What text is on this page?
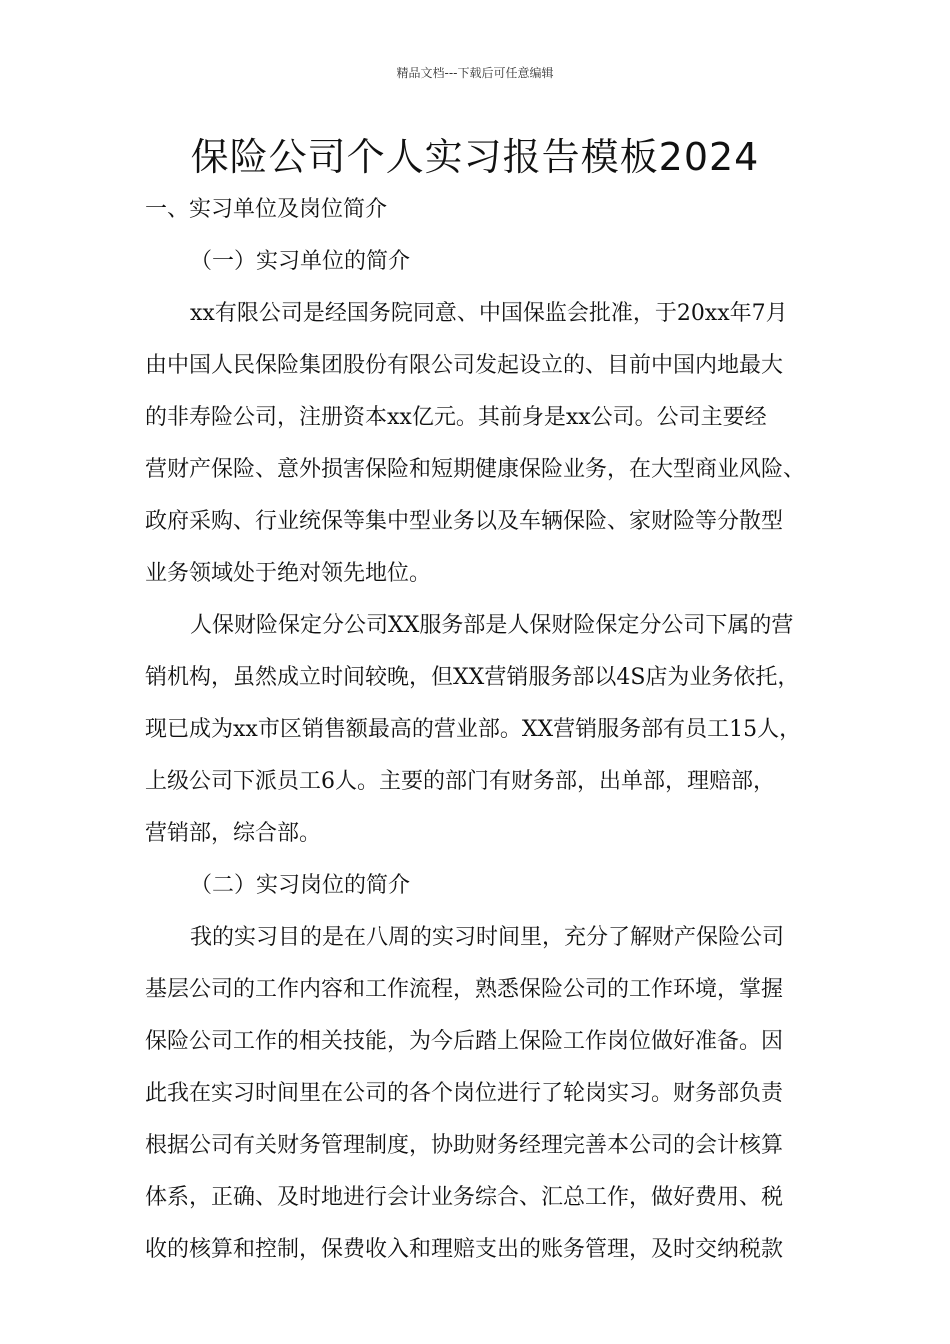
精品文档---下载后可任意编辑
保险公司个人实习报告模板2024
一、实习单位及岗位简介
（一）实习单位的简介
xx有限公司是经国务院同意、中国保监会批准，于20xx年7月
由中国人民保险集团股份有限公司发起设立的、目前中国内地最大
的非寿险公司，注册资本xx亿元。其前身是xx公司。公司主要经
营财产保险、意外损害保险和短期健康保险业务，在大型商业风险、
政府采购、行业统保等集中型业务以及车辆保险、家财险等分散型
业务领域处于绝对领先地位。
人保财险保定分公司XX服务部是人保财险保定分公司下属的营
销机构，虽然成立时间较晚，但XX营销服务部以4S店为业务依托，
现已成为xx市区销售额最高的营业部。XX营销服务部有员工15人，
上级公司下派员工6人。主要的部门有财务部，出单部，理赔部，
营销部，综合部。
（二）实习岗位的简介
我的实习目的是在八周的实习时间里，充分了解财产保险公司
基层公司的工作内容和工作流程，熟悉保险公司的工作环境，掌握
保险公司工作的相关技能，为今后踏上保险工作岗位做好准备。因
此我在实习时间里在公司的各个岗位进行了轮岗实习。财务部负责
根据公司有关财务管理制度，协助财务经理完善本公司的会计核算
体系，正确、及时地进行会计业务综合、汇总工作，做好费用、税
收的核算和控制，保费收入和理赔支出的账务管理，及时交纳税款
